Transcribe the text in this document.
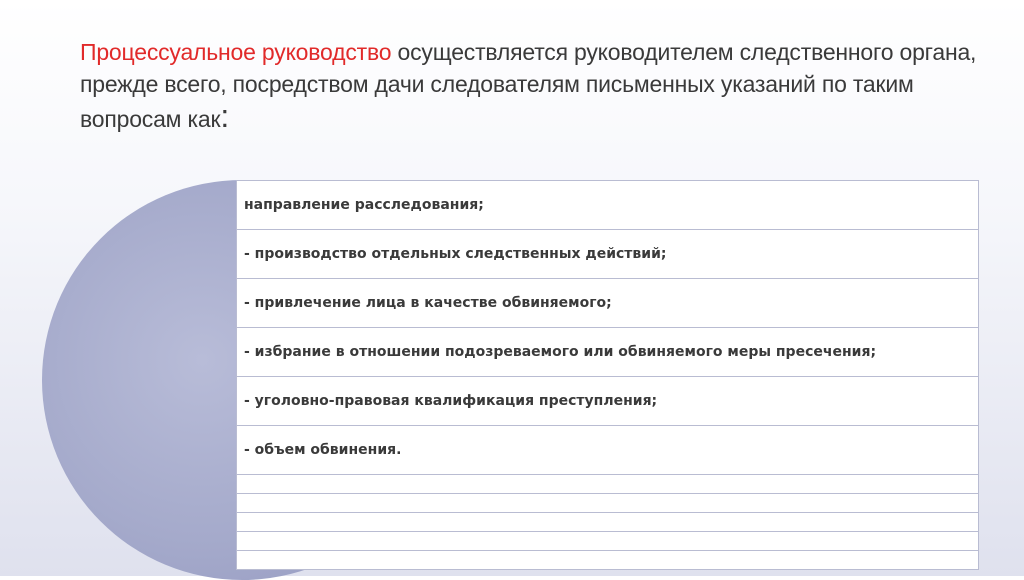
Процессуальное руководство осуществляется руководителем следственного органа, прежде всего, посредством дачи следователям письменных указаний по таким вопросам как:
направление расследования;
- производство отдельных следственных действий;
- привлечение лица в качестве обвиняемого;
- избрание в отношении подозреваемого или обвиняемого меры пресечения;
- уголовно-правовая квалификация преступления;
- объем обвинения.
